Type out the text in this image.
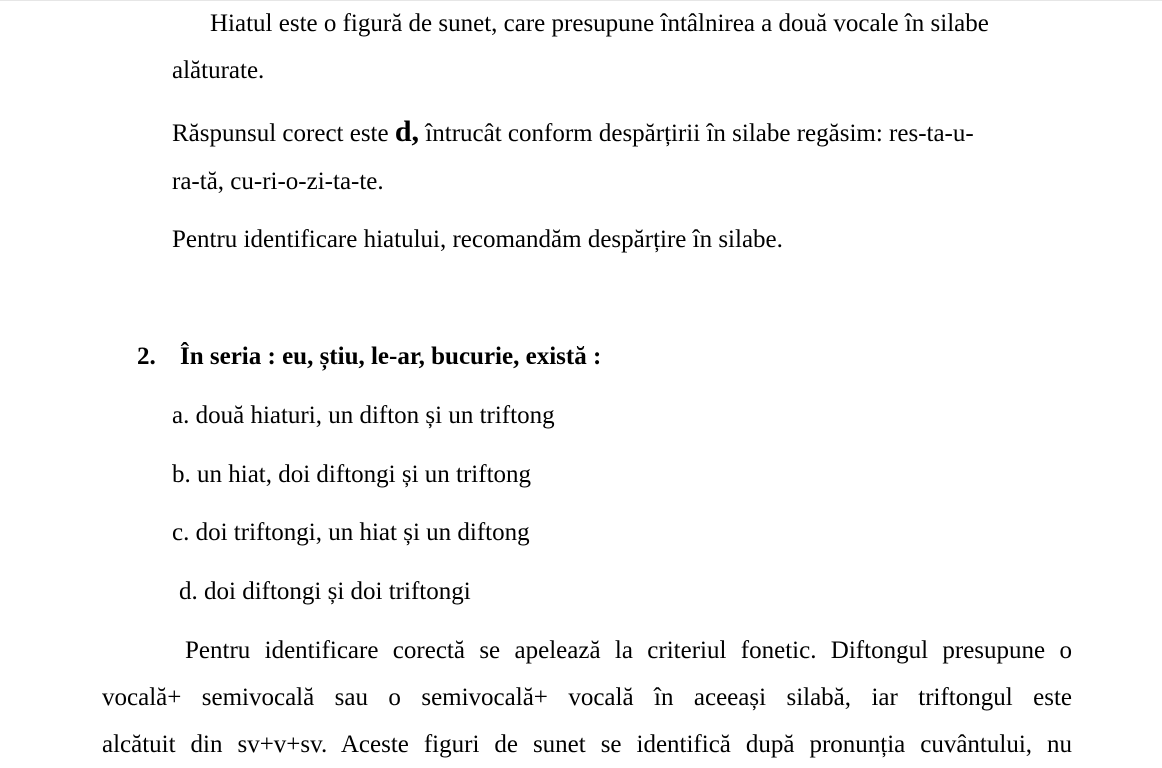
Hiatul este o figură de sunet, care presupune întâlnirea a două vocale în silabe
alăturate.
Răspunsul corect este d, întrucât conform despărțirii în silabe regăsim: res-ta-u-
ra-tă, cu-ri-o-zi-ta-te.
Pentru identificare hiatului, recomandăm despărțire în silabe.
2. În seria : eu, știu, le-ar, bucurie, există :
a. două hiaturi, un difton și un triftong
b. un hiat, doi diftongi și un triftong
c. doi triftongi, un hiat și un diftong
d. doi diftongi și doi triftongi
Pentru identificare corectă se apelează la criteriul fonetic. Diftongul presupune o
vocală+ semivocală sau o semivocală+ vocală în aceeași silabă, iar triftongul este
alcătuit din sv+v+sv. Aceste figuri de sunet se identifică după pronunția cuvântului, nu
